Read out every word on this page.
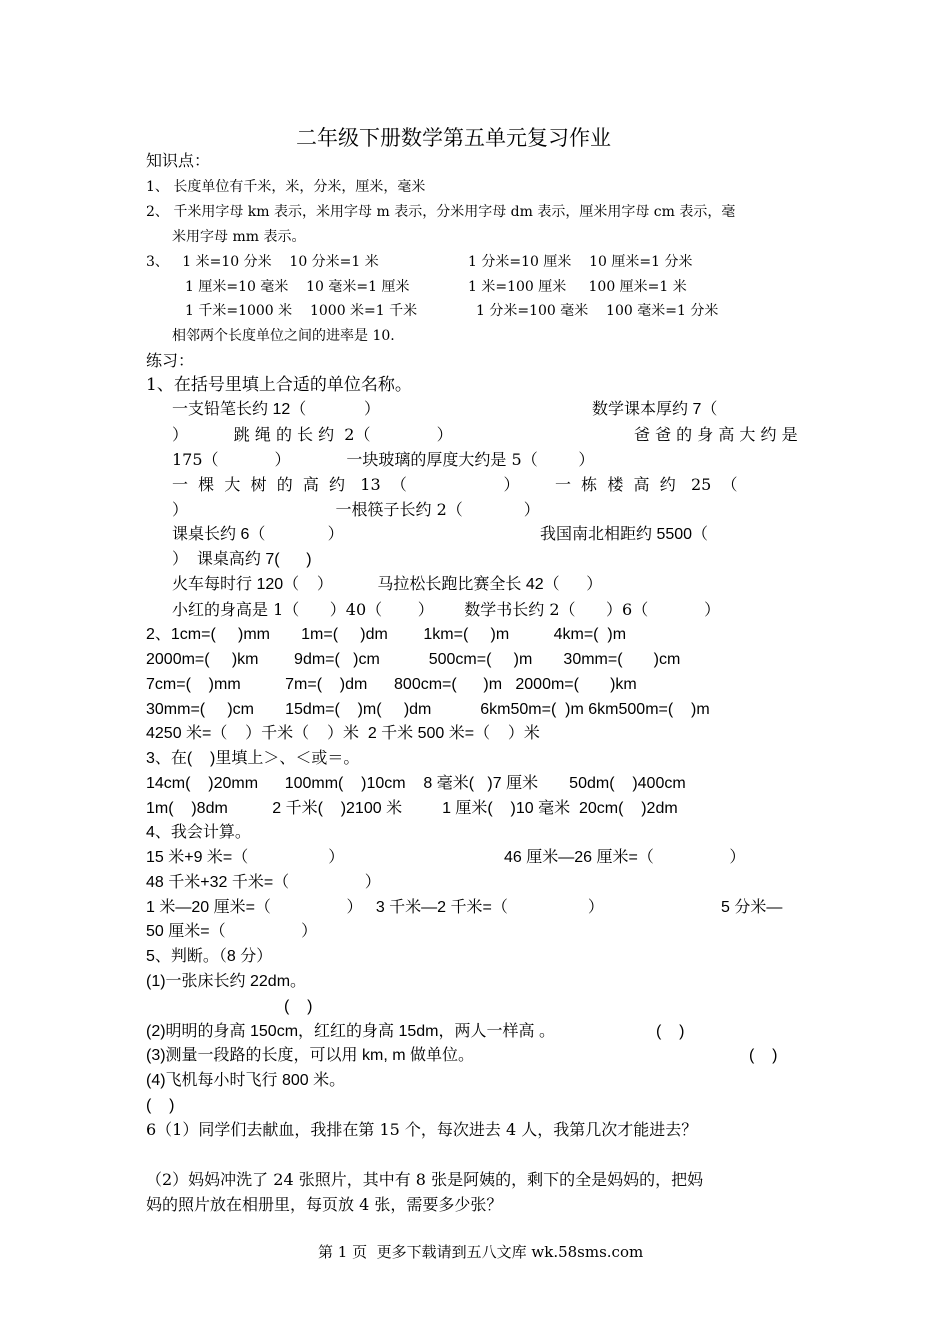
二年级下册数学第五单元复习作业
知识点：
1、 长度单位有千米，米，分米，厘米，毫米
2、 千米用字母 km 表示，米用字母 m 表示，分米用字母 dm 表示，厘米用字母 cm 表示，毫
米用字母 mm 表示。
3、   1 米=10 分米    10 分米=1 米	1 分米=10 厘米    10 厘米=1 分米
1 厘米=10 毫米    10 毫米=1 厘米	1 米=100 厘米     100 厘米=1 米
1 千米=1000 米    1000 米=1 千米	1 分米=100 毫米    100 毫米=1 分米
相邻两个长度单位之间的进率是 10.
练习：
1、在括号里填上合适的单位名称。
一支铅笔长约 12（             ）	数学课本厚约 7（
）         跳 绳 的 长 约  2（             ）	爸 爸 的 身 高 大 约 是
175（           ）           一块玻璃的厚度大约是 5（        ）
一  棵  大  树  的  高  约   13  （                   ） 一  栋  楼  高  约   25  （
）                             一根筷子长约 2（            ）
课桌长约 6（              ）	我国南北相距约 5500（
）  课桌高约 7(      )
火车每时行 120（    ）          马拉松长跑比赛全长 42（      ）
小红的身高是 1（      ）40（       ）      数学书长约 2（      ）6（           ）
2、1cm=(     )mm       1m=(     )dm        1km=(     )m          4km=(  )m
2000m=(     )km        9dm=(   )cm           500cm=(     )m       30mm=(       )cm
7cm=(    )mm          7m=(    )dm      800cm=(      )m   2000m=(       )km
30mm=(     )cm       15dm=(    )m(     )dm           6km50m=(  )m 6km500m=(    )m
4250 米=（    ）千米（    ）米  2 千米 500 米=（    ）米
3、在(    )里填上＞、＜或＝。
14cm(    )20mm      100mm(    )10cm    8 毫米(   )7 厘米       50dm(    )400cm
1m(    )8dm          2 千米(    )2100 米         1 厘米(    )10 毫米  20cm(    )2dm
4、我会计算。
15 米+9 米=（                  ）	46 厘米—26 厘米=（                 ）
48 千米+32 千米=（                 ）
1 米—20 厘米=（                 ）   3 千米—2 千米=（                  ）	5 分米—
50 厘米=（                 ）
5、判断。（8 分）
(1)一张床长约 22dm。
(    )
(2)明明的身高 150cm，红红的身高 15dm，两人一样高 。	(    )
(3)测量一段路的长度，可以用 km, m 做单位。	(    )
(4)飞机每小时飞行 800 米。
(    )
6（1）同学们去献血，我排在第 15 个，每次进去 4 人，我第几次才能进去？
（2）妈妈冲洗了 24 张照片，其中有 8 张是阿姨的，剩下的全是妈妈的，把妈
妈的照片放在相册里，每页放 4 张，需要多少张？
第 1 页  更多下载请到五八文库 wk.58sms.com
